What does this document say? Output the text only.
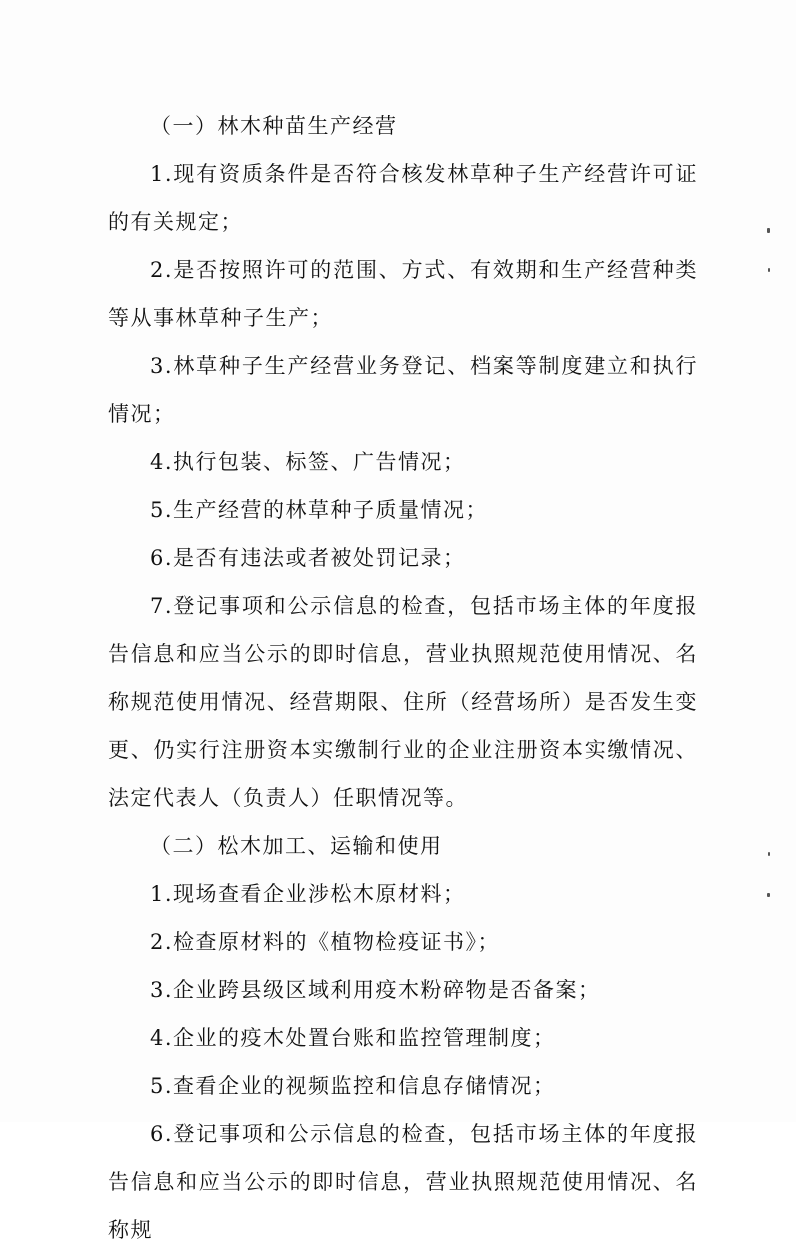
（一）林木种苗生产经营

1.现有资质条件是否符合核发林草种子生产经营许可证的有关规定；

2.是否按照许可的范围、方式、有效期和生产经营种类等从事林草种子生产；

3.林草种子生产经营业务登记、档案等制度建立和执行情况；

4.执行包装、标签、广告情况；

5.生产经营的林草种子质量情况；

6.是否有违法或者被处罚记录；

7.登记事项和公示信息的检查，包括市场主体的年度报告信息和应当公示的即时信息，营业执照规范使用情况、名称规范使用情况、经营期限、住所（经营场所）是否发生变更、仍实行注册资本实缴制行业的企业注册资本实缴情况、法定代表人（负责人）任职情况等。

（二）松木加工、运输和使用

1.现场查看企业涉松木原材料；

2.检查原材料的《植物检疫证书》；

3.企业跨县级区域利用疫木粉碎物是否备案；

4.企业的疫木处置台账和监控管理制度；

5.查看企业的视频监控和信息存储情况；

6.登记事项和公示信息的检查，包括市场主体的年度报告信息和应当公示的即时信息，营业执照规范使用情况、名称规
